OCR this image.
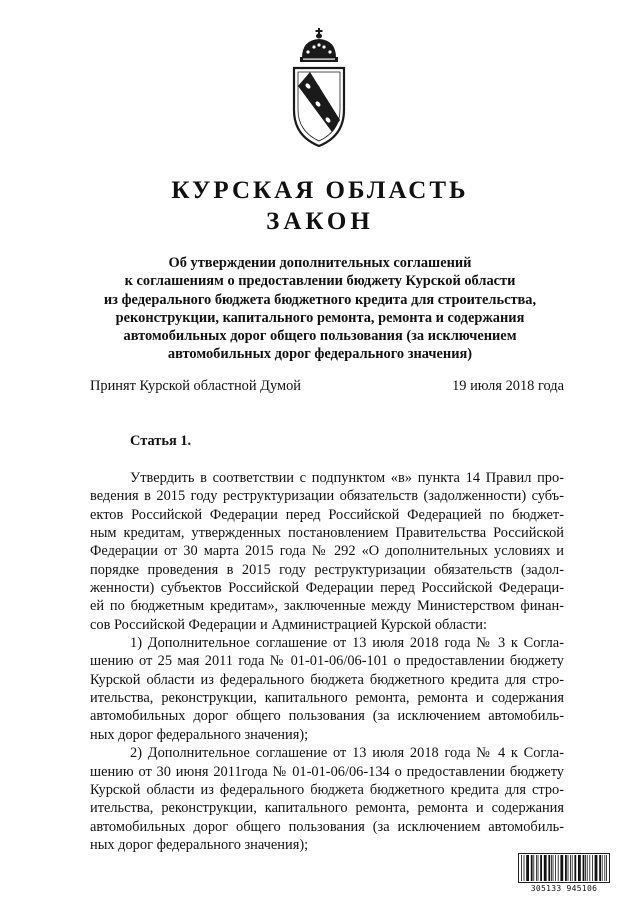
КУРСКАЯ ОБЛАСТЬ
ЗАКОН
Об утверждении дополнительных соглашений
к соглашениям о предоставлении бюджету Курской области
из федерального бюджета бюджетного кредита для строительства,
реконструкции, капитального ремонта, ремонта и содержания
автомобильных дорог общего пользования (за исключением
автомобильных дорог федерального значения)
Принят Курской областной Думой	19 июля 2018 года
Статья 1.
Утвердить в соответствии с подпунктом «в» пункта 14 Правил про-
ведения в 2015 году реструктуризации обязательств (задолженности) субъ-
ектов Российской Федерации перед Российской Федерацией по бюджет-
ным кредитам, утвержденных постановлением Правительства Российской
Федерации от 30 марта 2015 года № 292 «О дополнительных условиях и
порядке проведения в 2015 году реструктуризации обязательств (задол-
женности) субъектов Российской Федерации перед Российской Федераци-
ей по бюджетным кредитам», заключенные между Министерством финан-
сов Российской Федерации и Администрацией Курской области:
1) Дополнительное соглашение от 13 июля 2018 года № 3 к Согла-
шению от 25 мая 2011 года № 01-01-06/06-101 о предоставлении бюджету
Курской области из федерального бюджета бюджетного кредита для стро-
ительства, реконструкции, капитального ремонта, ремонта и содержания
автомобильных дорог общего пользования (за исключением автомобиль-
ных дорог федерального значения);
2) Дополнительное соглашение от 13 июля 2018 года № 4 к Согла-
шению от 30 июня 2011года № 01-01-06/06-134 о предоставлении бюджету
Курской области из федерального бюджета бюджетного кредита для стро-
ительства, реконструкции, капитального ремонта, ремонта и содержания
автомобильных дорог общего пользования (за исключением автомобиль-
ных дорог федерального значения);
305133 945106
